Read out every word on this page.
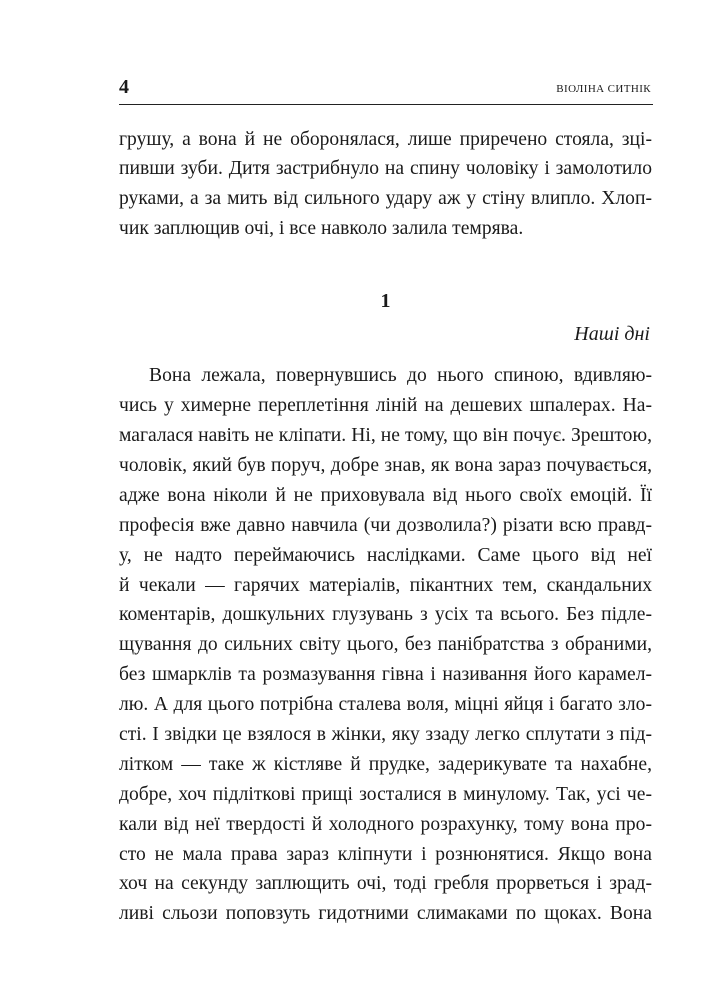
4	ВІОЛІНА СИТНІК
грушу, а вона й не оборонялася, лише приречено стояла, зці-
пивши зуби. Дитя застрибнуло на спину чоловіку і замолотило
руками, а за мить від сильного удару аж у стіну влипло. Хлоп-
чик заплющив очі, і все навколо залила темрява.
1
Наші дні
Вона лежала, повернувшись до нього спиною, вдивляю-
чись у химерне переплетіння ліній на дешевих шпалерах. На-
магалася навіть не кліпати. Ні, не тому, що він почує. Зрештою,
чоловік, який був поруч, добре знав, як вона зараз почувається,
адже вона ніколи й не приховувала від нього своїх емоцій. Її
професія вже давно навчила (чи дозволила?) різати всю правд-
у, не надто переймаючись наслідками. Саме цього від неї
й чекали — гарячих матеріалів, пікантних тем, скандальних
коментарів, дошкульних глузувань з усіх та всього. Без підле-
щування до сильних світу цього, без панібратства з обраними,
без шмарклів та розмазування гівна і називання його карамел-
лю. А для цього потрібна сталева воля, міцні яйця і багато зло-
сті. І звідки це взялося в жінки, яку ззаду легко сплутати з під-
літком — таке ж кістляве й прудке, задерикувате та нахабне,
добре, хоч підліткові прищі зосталися в минулому. Так, усі че-
кали від неї твердості й холодного розрахунку, тому вона про-
сто не мала права зараз кліпнути і рознюнятися. Якщо вона
хоч на секунду заплющить очі, тоді гребля прорветься і зрад-
ливі сльози поповзуть гидотними слимаками по щоках. Вона
